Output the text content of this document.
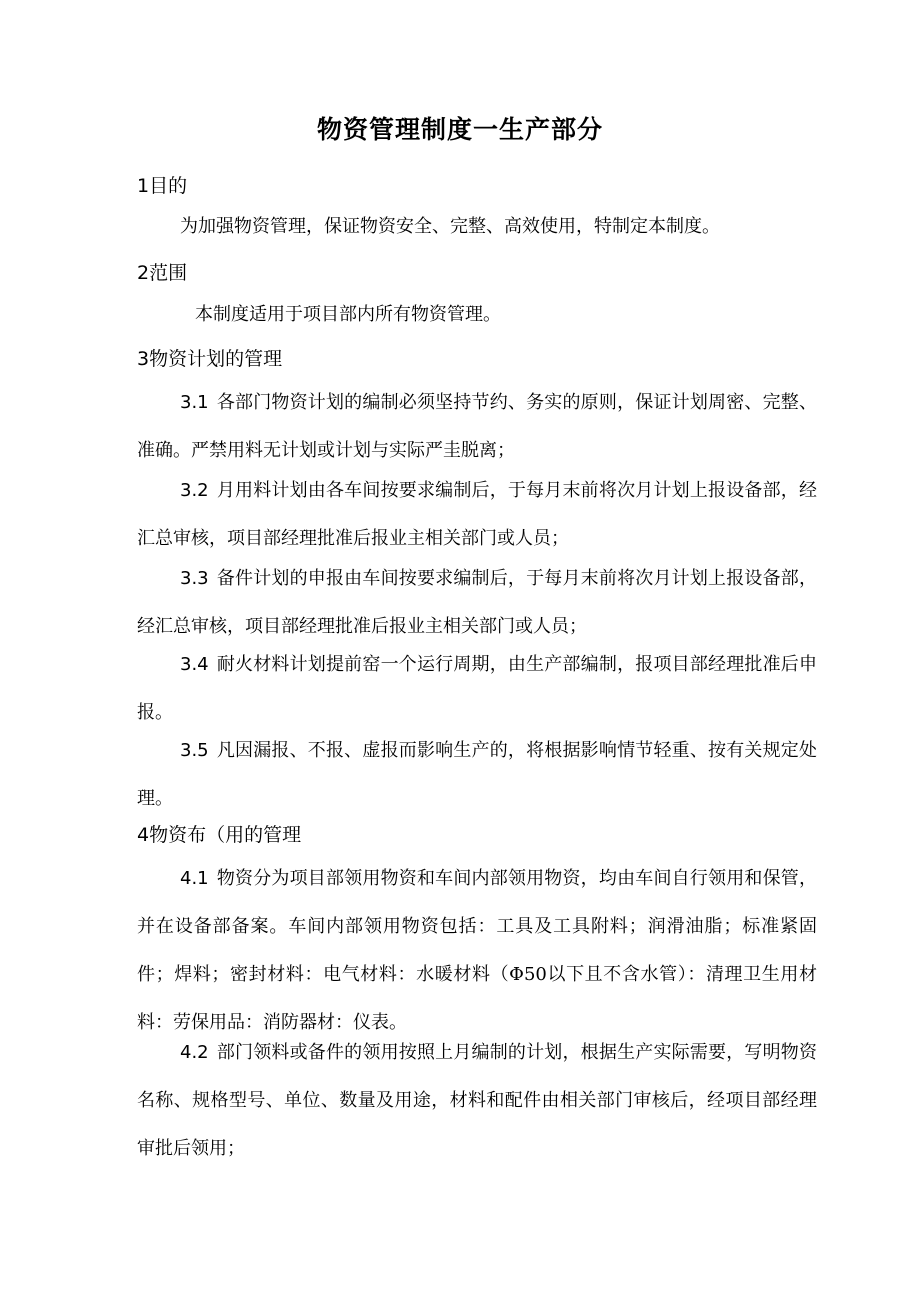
物资管理制度一生产部分
1目的
为加强物资管理，保证物资安全、完整、高效使用，特制定本制度。
2范围
本制度适用于项目部内所有物资管理。
3物资计划的管理
3.1 各部门物资计划的编制必须坚持节约、务实的原则，保证计划周密、完整、准确。严禁用料无计划或计划与实际严圭脱离；
3.2 月用料计划由各车间按要求编制后，于每月末前将次月计划上报设备部，经汇总审核，项目部经理批准后报业主相关部门或人员；
3.3 备件计划的申报由车间按要求编制后，于每月末前将次月计划上报设备部，经汇总审核，项目部经理批准后报业主相关部门或人员；
3.4 耐火材料计划提前窑一个运行周期，由生产部编制，报项目部经理批准后申报。
3.5 凡因漏报、不报、虚报而影响生产的，将根据影响情节轻重、按有关规定处理。
4物资布（用的管理
4.1 物资分为项目部领用物资和车间内部领用物资，均由车间自行领用和保管，并在设备部备案。车间内部领用物资包括：工具及工具附料；润滑油脂；标准紧固件；焊料；密封材料：电气材料：水暖材料（Φ50以下且不含水管）：清理卫生用材料：劳保用品：消防器材：仪表。
4.2 部门领料或备件的领用按照上月编制的计划，根据生产实际需要，写明物资名称、规格型号、单位、数量及用途，材料和配件由相关部门审核后，经项目部经理审批后领用；
